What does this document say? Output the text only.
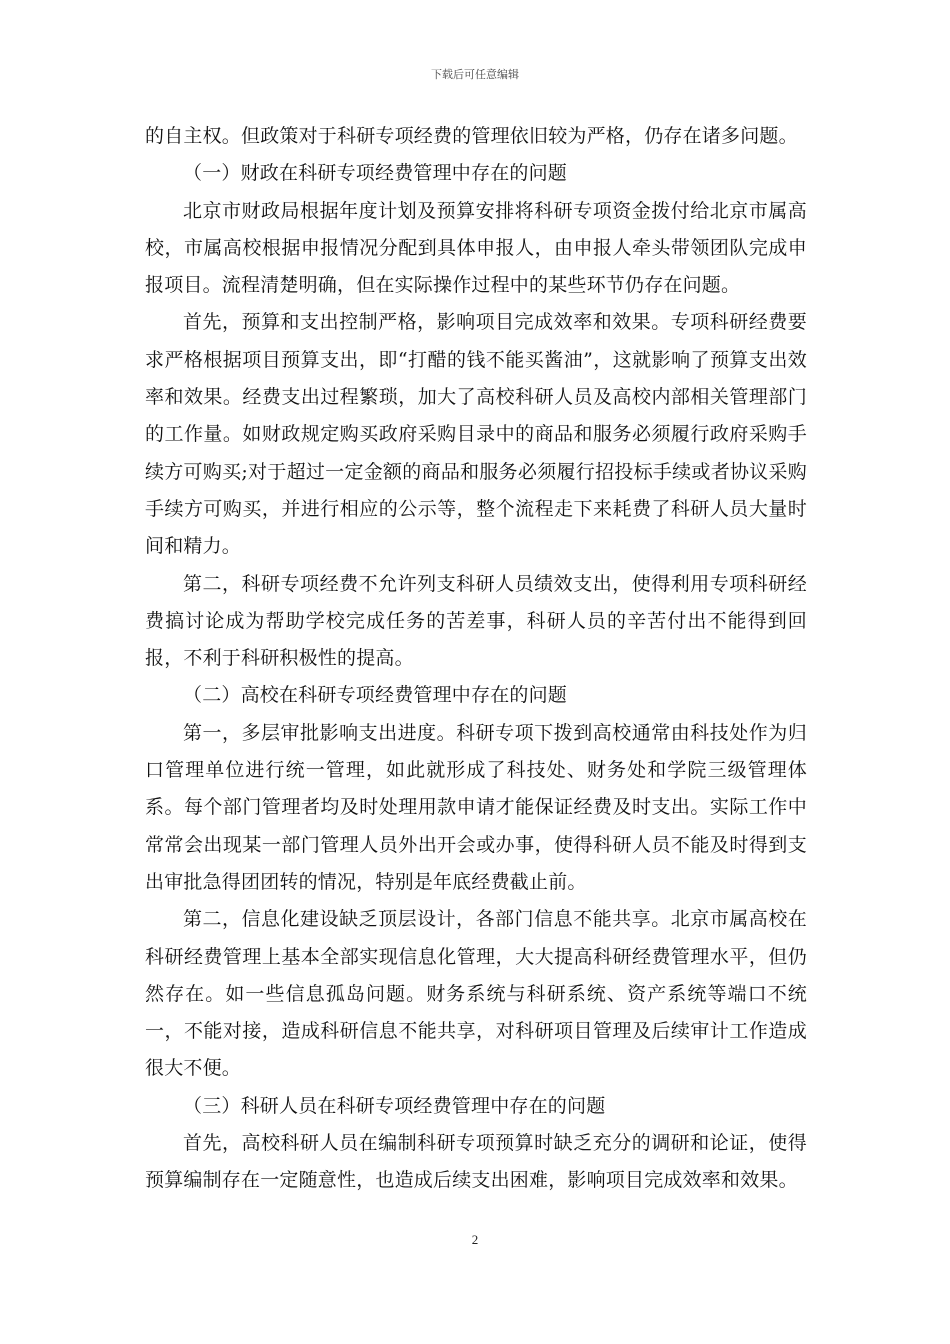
下载后可任意编辑

的自主权。但政策对于科研专项经费的管理依旧较为严格，仍存在诸多问题。

（一）财政在科研专项经费管理中存在的问题

北京市财政局根据年度计划及预算安排将科研专项资金拨付给北京市属高校，市属高校根据申报情况分配到具体申报人，由申报人牵头带领团队完成申报项目。流程清楚明确，但在实际操作过程中的某些环节仍存在问题。

首先，预算和支出控制严格，影响项目完成效率和效果。专项科研经费要求严格根据项目预算支出，即“打醋的钱不能买酱油”，这就影响了预算支出效率和效果。经费支出过程繁琐，加大了高校科研人员及高校内部相关管理部门的工作量。如财政规定购买政府采购目录中的商品和服务必须履行政府采购手续方可购买;对于超过一定金额的商品和服务必须履行招投标手续或者协议采购手续方可购买，并进行相应的公示等，整个流程走下来耗费了科研人员大量时间和精力。

第二，科研专项经费不允许列支科研人员绩效支出，使得利用专项科研经费搞讨论成为帮助学校完成任务的苦差事，科研人员的辛苦付出不能得到回报，不利于科研积极性的提高。

（二）高校在科研专项经费管理中存在的问题

第一，多层审批影响支出进度。科研专项下拨到高校通常由科技处作为归口管理单位进行统一管理，如此就形成了科技处、财务处和学院三级管理体系。每个部门管理者均及时处理用款申请才能保证经费及时支出。实际工作中常常会出现某一部门管理人员外出开会或办事，使得科研人员不能及时得到支出审批急得团团转的情况，特别是年底经费截止前。

第二，信息化建设缺乏顶层设计，各部门信息不能共享。北京市属高校在科研经费管理上基本全部实现信息化管理，大大提高科研经费管理水平，但仍然存在。如一些信息孤岛问题。财务系统与科研系统、资产系统等端口不统一，不能对接，造成科研信息不能共享，对科研项目管理及后续审计工作造成很大不便。

（三）科研人员在科研专项经费管理中存在的问题

首先，高校科研人员在编制科研专项预算时缺乏充分的调研和论证，使得预算编制存在一定随意性，也造成后续支出困难，影响项目完成效率和效果。

2
